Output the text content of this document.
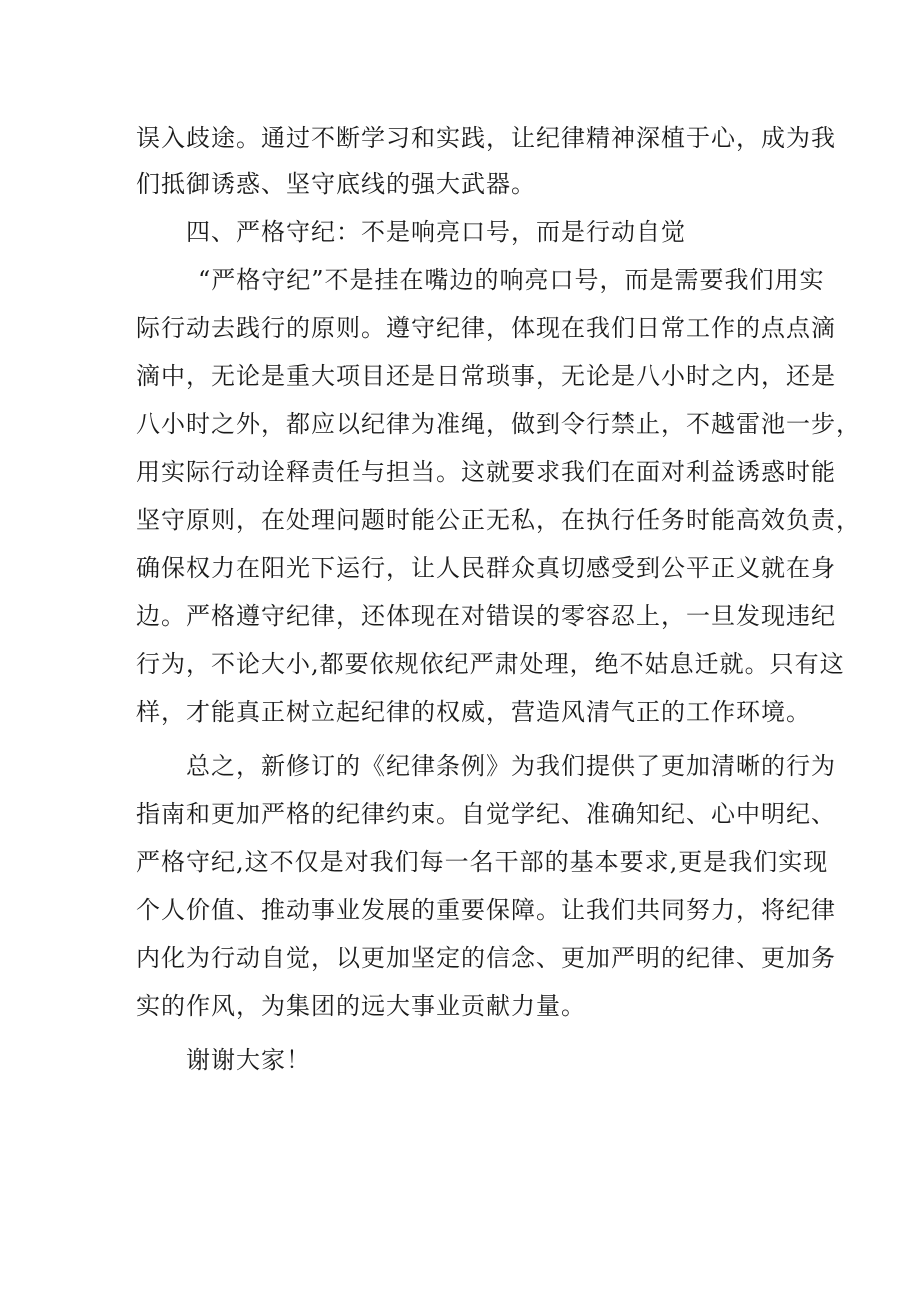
误入歧途。通过不断学习和实践，让纪律精神深植于心，成为我
们抵御诱惑、坚守底线的强大武器。
四、严格守纪：不是响亮口号，而是行动自觉
“严格守纪”不是挂在嘴边的响亮口号，而是需要我们用实
际行动去践行的原则。遵守纪律，体现在我们日常工作的点点滴
滴中，无论是重大项目还是日常琐事，无论是八小时之内，还是
八小时之外，都应以纪律为准绳，做到令行禁止，不越雷池一步，
用实际行动诠释责任与担当。这就要求我们在面对利益诱惑时能
坚守原则，在处理问题时能公正无私，在执行任务时能高效负责，
确保权力在阳光下运行，让人民群众真切感受到公平正义就在身
边。严格遵守纪律，还体现在对错误的零容忍上，一旦发现违纪
行为，不论大小,都要依规依纪严肃处理，绝不姑息迁就。只有这
样，才能真正树立起纪律的权威，营造风清气正的工作环境。
总之，新修订的《纪律条例》为我们提供了更加清晰的行为
指南和更加严格的纪律约束。自觉学纪、准确知纪、心中明纪、
严格守纪,这不仅是对我们每一名干部的基本要求,更是我们实现
个人价值、推动事业发展的重要保障。让我们共同努力，将纪律
内化为行动自觉，以更加坚定的信念、更加严明的纪律、更加务
实的作风，为集团的远大事业贡献力量。
谢谢大家！
